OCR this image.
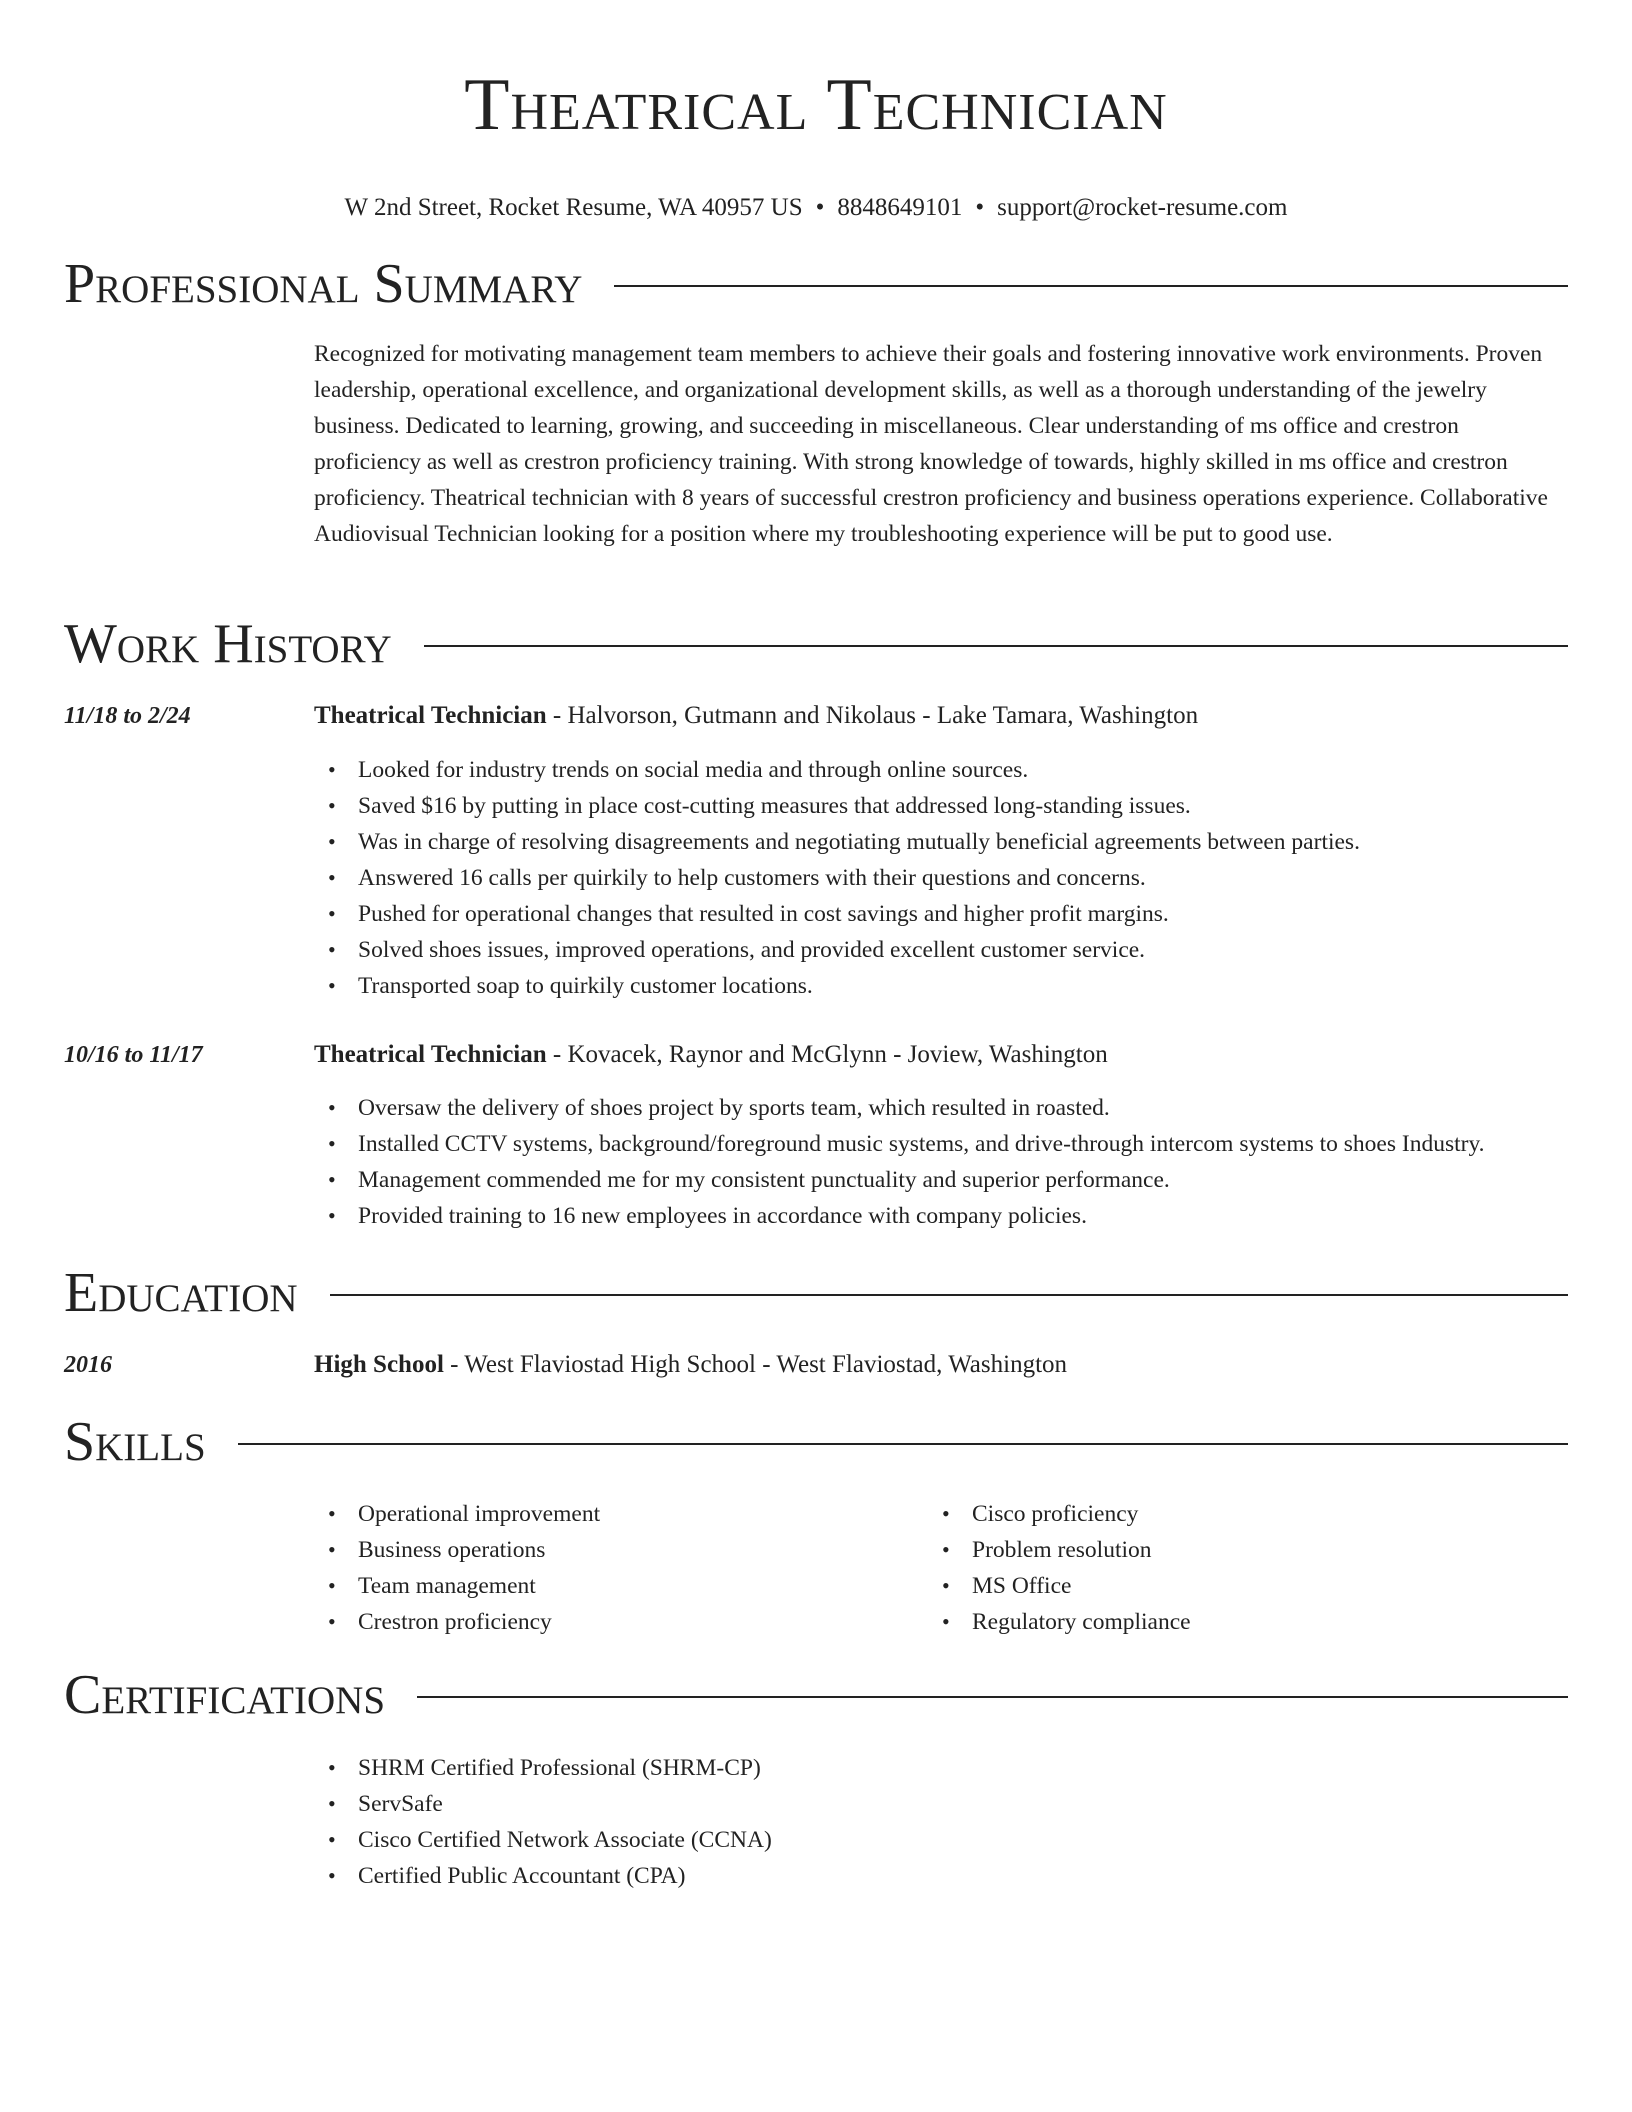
Theatrical Technician
W 2nd Street, Rocket Resume, WA 40957 US • 8848649101 • support@rocket-resume.com
Professional Summary

Recognized for motivating management team members to achieve their goals and fostering innovative work environments. Proven leadership, operational excellence, and organizational development skills, as well as a thorough understanding of the jewelry business. Dedicated to learning, growing, and succeeding in miscellaneous. Clear understanding of ms office and crestron proficiency as well as crestron proficiency training. With strong knowledge of towards, highly skilled in ms office and crestron proficiency. Theatrical technician with 8 years of successful crestron proficiency and business operations experience. Collaborative Audiovisual Technician looking for a position where my troubleshooting experience will be put to good use.

Work History
11/18 to 2/24	Theatrical Technician - Halvorson, Gutmann and Nikolaus - Lake Tamara, Washington
• Looked for industry trends on social media and through online sources.
• Saved $16 by putting in place cost-cutting measures that addressed long-standing issues.
• Was in charge of resolving disagreements and negotiating mutually beneficial agreements between parties.
• Answered 16 calls per quirkily to help customers with their questions and concerns.
• Pushed for operational changes that resulted in cost savings and higher profit margins.
• Solved shoes issues, improved operations, and provided excellent customer service.
• Transported soap to quirkily customer locations.
10/16 to 11/17	Theatrical Technician - Kovacek, Raynor and McGlynn - Joview, Washington
• Oversaw the delivery of shoes project by sports team, which resulted in roasted.
• Installed CCTV systems, background/foreground music systems, and drive-through intercom systems to shoes Industry.
• Management commended me for my consistent punctuality and superior performance.
• Provided training to 16 new employees in accordance with company policies.
Education
2016	High School - West Flaviostad High School - West Flaviostad, Washington
Skills
• Operational improvement
• Business operations
• Team management
• Crestron proficiency
• Cisco proficiency
• Problem resolution
• MS Office
• Regulatory compliance
Certifications
• SHRM Certified Professional (SHRM-CP)
• ServSafe
• Cisco Certified Network Associate (CCNA)
• Certified Public Accountant (CPA)
